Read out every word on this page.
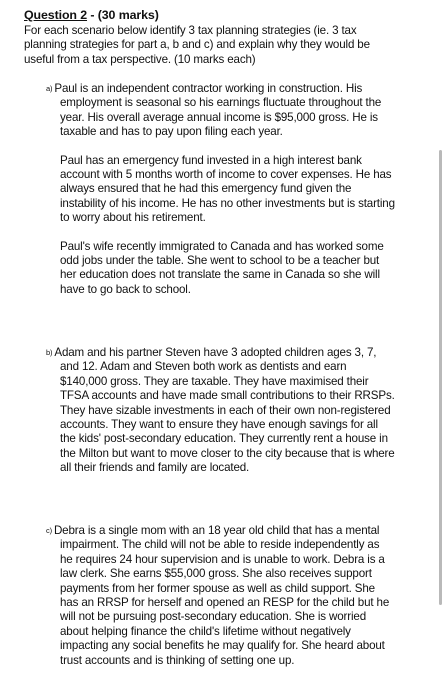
Question 2 - (30 marks)
For each scenario below identify 3 tax planning strategies (ie. 3 tax planning strategies for part a, b and c) and explain why they would be useful from a tax perspective. (10 marks each)

a) Paul is an independent contractor working in construction. His employment is seasonal so his earnings fluctuate throughout the year. His overall average annual income is $95,000 gross. He is taxable and has to pay upon filing each year.

Paul has an emergency fund invested in a high interest bank account with 5 months worth of income to cover expenses. He has always ensured that he had this emergency fund given the instability of his income. He has no other investments but is starting to worry about his retirement.

Paul's wife recently immigrated to Canada and has worked some odd jobs under the table. She went to school to be a teacher but her education does not translate the same in Canada so she will have to go back to school.

b) Adam and his partner Steven have 3 adopted children ages 3, 7, and 12. Adam and Steven both work as dentists and earn $140,000 gross. They are taxable. They have maximised their TFSA accounts and have made small contributions to their RRSPs. They have sizable investments in each of their own non-registered accounts. They want to ensure they have enough savings for all the kids' post-secondary education. They currently rent a house in the Milton but want to move closer to the city because that is where all their friends and family are located.

c) Debra is a single mom with an 18 year old child that has a mental impairment. The child will not be able to reside independently as he requires 24 hour supervision and is unable to work. Debra is a law clerk. She earns $55,000 gross. She also receives support payments from her former spouse as well as child support. She has an RRSP for herself and opened an RESP for the child but he will not be pursuing post-secondary education. She is worried about helping finance the child's lifetime without negatively impacting any social benefits he may qualify for. She heard about trust accounts and is thinking of setting one up.
